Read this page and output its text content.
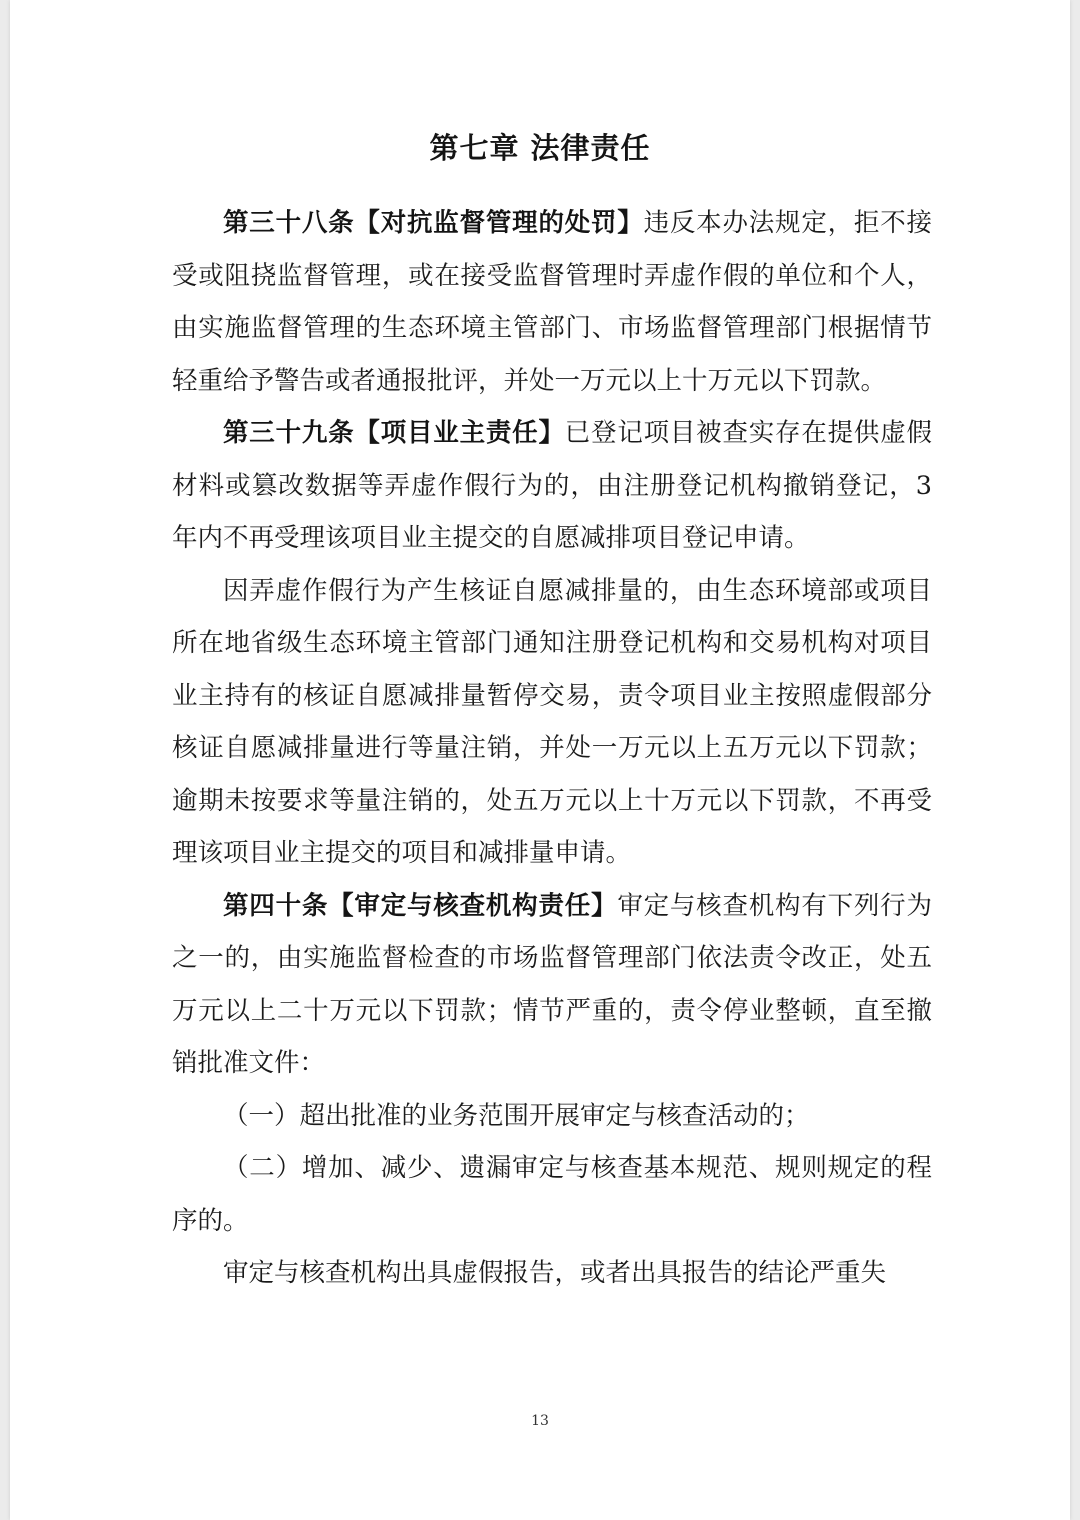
第七章 法律责任

第三十八条【对抗监督管理的处罚】违反本办法规定，拒不接受或阻挠监督管理，或在接受监督管理时弄虚作假的单位和个人，由实施监督管理的生态环境主管部门、市场监督管理部门根据情节轻重给予警告或者通报批评，并处一万元以上十万元以下罚款。

第三十九条【项目业主责任】已登记项目被查实存在提供虚假材料或篡改数据等弄虚作假行为的，由注册登记机构撤销登记，3 年内不再受理该项目业主提交的自愿减排项目登记申请。

因弄虚作假行为产生核证自愿减排量的，由生态环境部或项目所在地省级生态环境主管部门通知注册登记机构和交易机构对项目业主持有的核证自愿减排量暂停交易，责令项目业主按照虚假部分核证自愿减排量进行等量注销，并处一万元以上五万元以下罚款；逾期未按要求等量注销的，处五万元以上十万元以下罚款，不再受理该项目业主提交的项目和减排量申请。

第四十条【审定与核查机构责任】审定与核查机构有下列行为之一的，由实施监督检查的市场监督管理部门依法责令改正，处五万元以上二十万元以下罚款；情节严重的，责令停业整顿，直至撤销批准文件：

（一）超出批准的业务范围开展审定与核查活动的；

（二）增加、减少、遗漏审定与核查基本规范、规则规定的程序的。

审定与核查机构出具虚假报告，或者出具报告的结论严重失

13
